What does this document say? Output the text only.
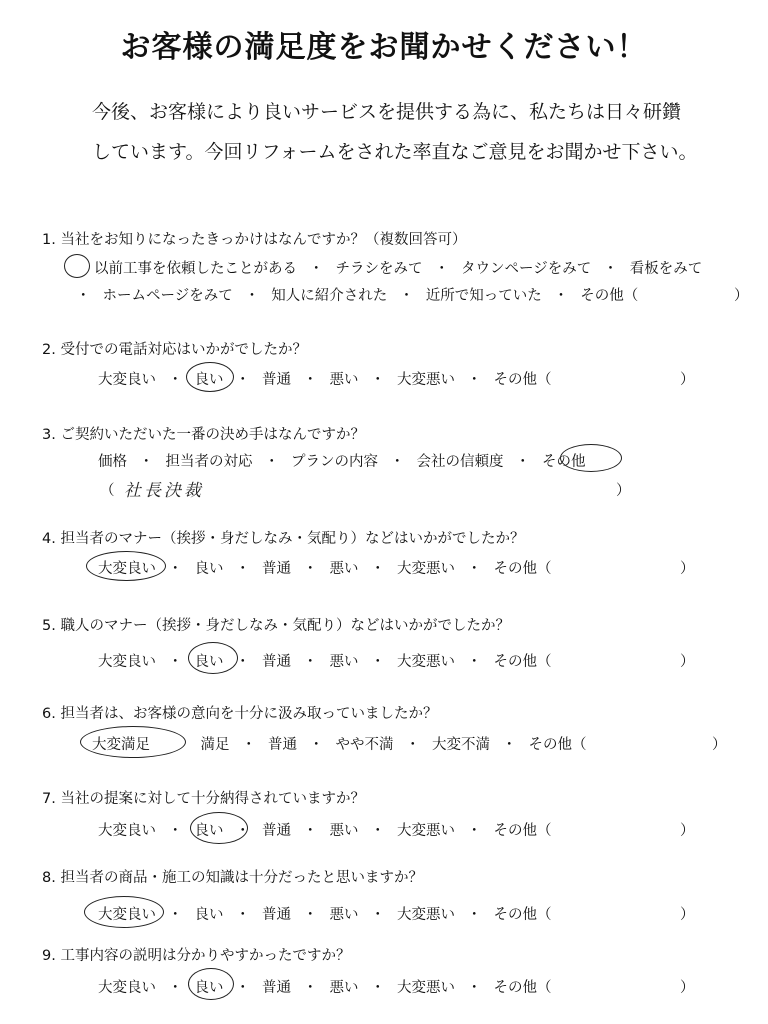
お客様の満足度をお聞かせください！
今後、お客様により良いサービスを提供する為に、私たちは日々研鑽
しています。今回リフォームをされた率直なご意見をお聞かせ下さい。
1. 当社をお知りになったきっかけはなんですか？（複数回答可）
以前工事を依頼したことがある ・ チラシをみて ・ タウンページをみて ・ 看板をみて
・ ホームページをみて ・ 知人に紹介された ・ 近所で知っていた ・ その他（	）
2. 受付での電話対応はいかがでしたか？
大変良い ・ 良い ・ 普通 ・ 悪い ・ 大変悪い ・ その他（	）
3. ご契約いただいた一番の決め手はなんですか？
価格 ・ 担当者の対応 ・ プランの内容 ・ 会社の信頼度 ・ その他
（ 社長決裁	）
4. 担当者のマナー（挨拶・身だしなみ・気配り）などはいかがでしたか？
大変良い ・ 良い ・ 普通 ・ 悪い ・ 大変悪い ・ その他（	）
5. 職人のマナー（挨拶・身だしなみ・気配り）などはいかがでしたか？
大変良い ・ 良い ・ 普通 ・ 悪い ・ 大変悪い ・ その他（	）
6. 担当者は、お客様の意向を十分に汲み取っていましたか？
大変満足 ・ 満足 ・ 普通 ・ やや不満 ・ 大変不満 ・ その他（	）
7. 当社の提案に対して十分納得されていますか？
大変良い ・ 良い ・ 普通 ・ 悪い ・ 大変悪い ・ その他（	）
8. 担当者の商品・施工の知識は十分だったと思いますか？
大変良い ・ 良い ・ 普通 ・ 悪い ・ 大変悪い ・ その他（	）
9. 工事内容の説明は分かりやすかったですか？
大変良い ・ 良い ・ 普通 ・ 悪い ・ 大変悪い ・ その他（	）
